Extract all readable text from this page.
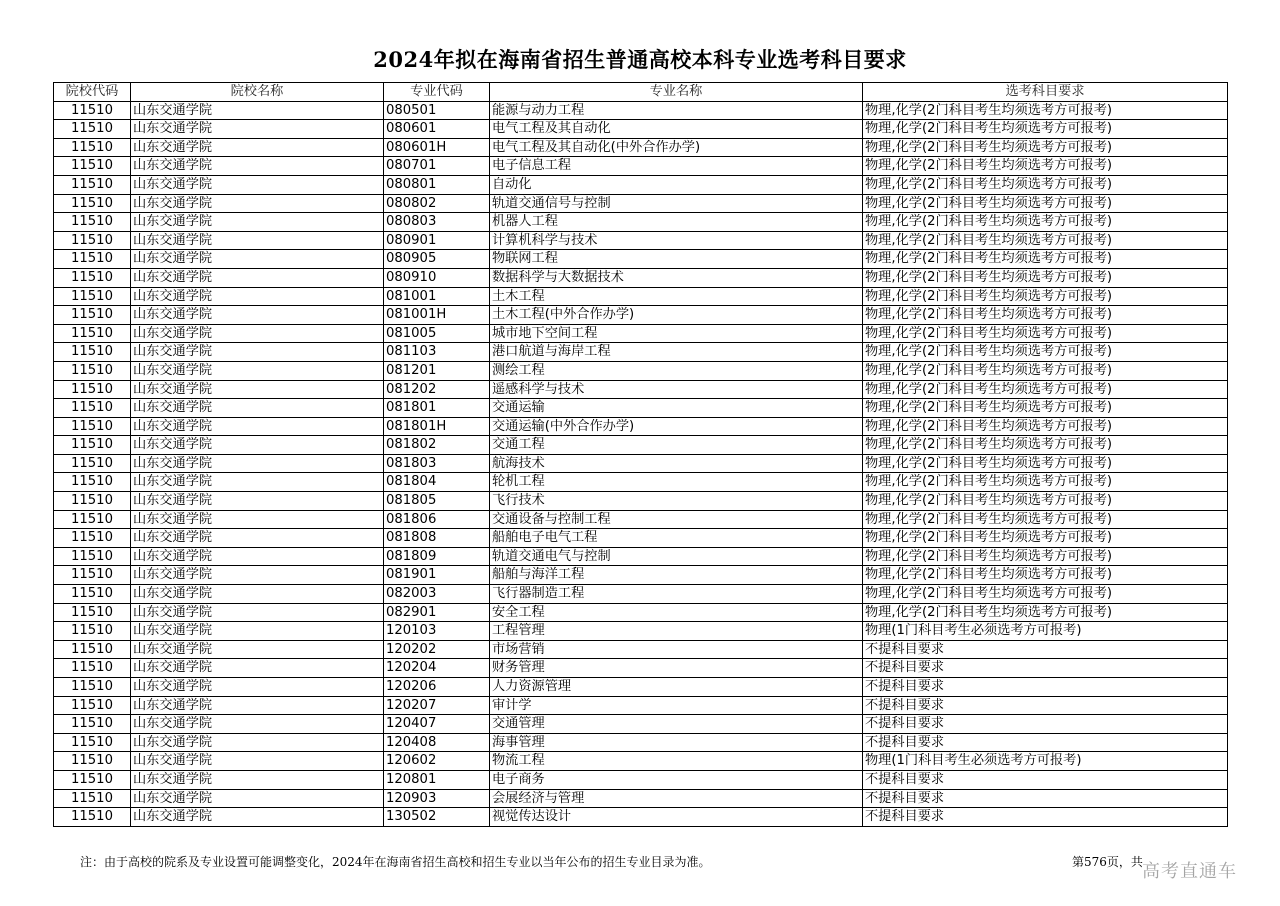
2024年拟在海南省招生普通高校本科专业选考科目要求
院校代码	院校名称	专业代码	专业名称	选考科目要求
11510	山东交通学院	080501	能源与动力工程	物理,化学(2门科目考生均须选考方可报考)
11510	山东交通学院	080601	电气工程及其自动化	物理,化学(2门科目考生均须选考方可报考)
11510	山东交通学院	080601H	电气工程及其自动化(中外合作办学)	物理,化学(2门科目考生均须选考方可报考)
11510	山东交通学院	080701	电子信息工程	物理,化学(2门科目考生均须选考方可报考)
11510	山东交通学院	080801	自动化	物理,化学(2门科目考生均须选考方可报考)
11510	山东交通学院	080802	轨道交通信号与控制	物理,化学(2门科目考生均须选考方可报考)
11510	山东交通学院	080803	机器人工程	物理,化学(2门科目考生均须选考方可报考)
11510	山东交通学院	080901	计算机科学与技术	物理,化学(2门科目考生均须选考方可报考)
11510	山东交通学院	080905	物联网工程	物理,化学(2门科目考生均须选考方可报考)
11510	山东交通学院	080910	数据科学与大数据技术	物理,化学(2门科目考生均须选考方可报考)
11510	山东交通学院	081001	土木工程	物理,化学(2门科目考生均须选考方可报考)
11510	山东交通学院	081001H	土木工程(中外合作办学)	物理,化学(2门科目考生均须选考方可报考)
11510	山东交通学院	081005	城市地下空间工程	物理,化学(2门科目考生均须选考方可报考)
11510	山东交通学院	081103	港口航道与海岸工程	物理,化学(2门科目考生均须选考方可报考)
11510	山东交通学院	081201	测绘工程	物理,化学(2门科目考生均须选考方可报考)
11510	山东交通学院	081202	遥感科学与技术	物理,化学(2门科目考生均须选考方可报考)
11510	山东交通学院	081801	交通运输	物理,化学(2门科目考生均须选考方可报考)
11510	山东交通学院	081801H	交通运输(中外合作办学)	物理,化学(2门科目考生均须选考方可报考)
11510	山东交通学院	081802	交通工程	物理,化学(2门科目考生均须选考方可报考)
11510	山东交通学院	081803	航海技术	物理,化学(2门科目考生均须选考方可报考)
11510	山东交通学院	081804	轮机工程	物理,化学(2门科目考生均须选考方可报考)
11510	山东交通学院	081805	飞行技术	物理,化学(2门科目考生均须选考方可报考)
11510	山东交通学院	081806	交通设备与控制工程	物理,化学(2门科目考生均须选考方可报考)
11510	山东交通学院	081808	船舶电子电气工程	物理,化学(2门科目考生均须选考方可报考)
11510	山东交通学院	081809	轨道交通电气与控制	物理,化学(2门科目考生均须选考方可报考)
11510	山东交通学院	081901	船舶与海洋工程	物理,化学(2门科目考生均须选考方可报考)
11510	山东交通学院	082003	飞行器制造工程	物理,化学(2门科目考生均须选考方可报考)
11510	山东交通学院	082901	安全工程	物理,化学(2门科目考生均须选考方可报考)
11510	山东交通学院	120103	工程管理	物理(1门科目考生必须选考方可报考)
11510	山东交通学院	120202	市场营销	不提科目要求
11510	山东交通学院	120204	财务管理	不提科目要求
11510	山东交通学院	120206	人力资源管理	不提科目要求
11510	山东交通学院	120207	审计学	不提科目要求
11510	山东交通学院	120407	交通管理	不提科目要求
11510	山东交通学院	120408	海事管理	不提科目要求
11510	山东交通学院	120602	物流工程	物理(1门科目考生必须选考方可报考)
11510	山东交通学院	120801	电子商务	不提科目要求
11510	山东交通学院	120903	会展经济与管理	不提科目要求
11510	山东交通学院	130502	视觉传达设计	不提科目要求
注：由于高校的院系及专业设置可能调整变化，2024年在海南省招生高校和招生专业以当年公布的招生专业目录为准。	第576页，共 高考直通车
